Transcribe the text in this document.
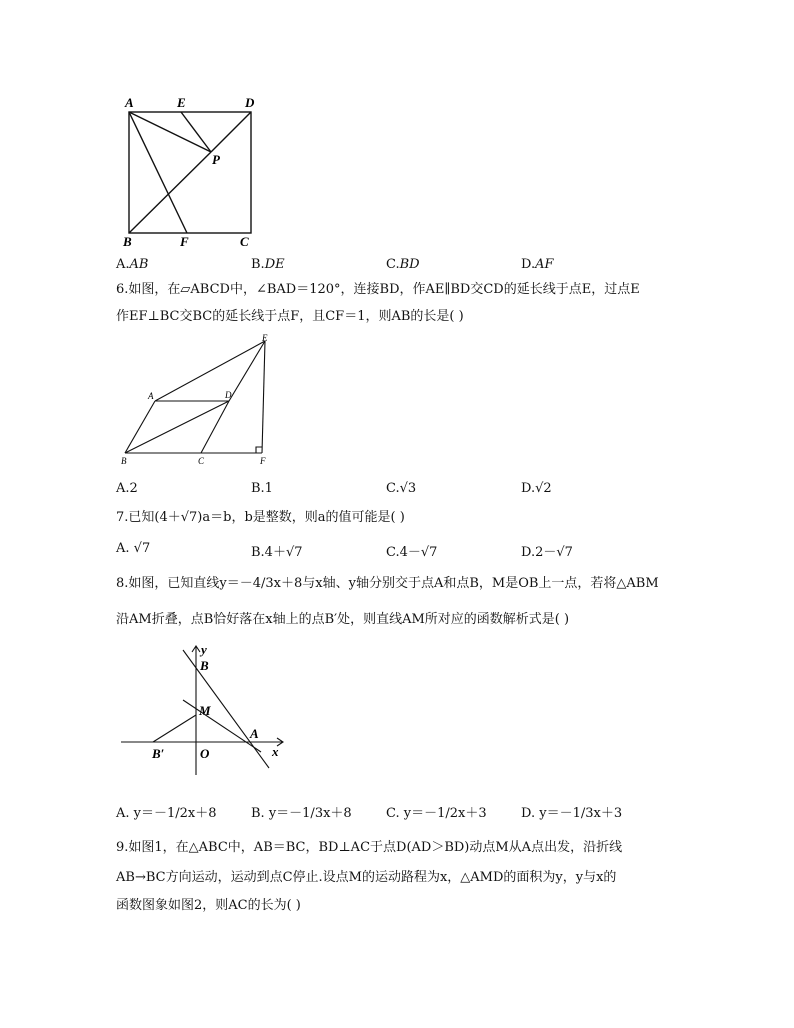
A	E	D
P
B	F	C
A.AB	B.DE	C.BD	D.AF
6.如图，在▱ABCD中，∠BAD＝120°，连接BD，作AE∥BD交CD的延长线于点E，过点E
作EF⊥BC交BC的延长线于点F，且CF＝1，则AB的长是( )
E
A	D
B	C	F
A.2	B.1	C.√3	D.√2
7.已知(4＋√7)a＝b，b是整数，则a的值可能是( )
A. √7	B.4＋√7	C.4－√7	D.2－√7
8.如图，已知直线y＝－4/3x＋8与x轴、y轴分别交于点A和点B，M是OB上一点，若将△ABM
沿AM折叠，点B恰好落在x轴上的点B′处，则直线AM所对应的函数解析式是( )
y
B
M
A
B′	O	x
A. y＝－1/2x＋8	B. y＝－1/3x＋8	C. y＝－1/2x＋3	D. y＝－1/3x＋3
9.如图1，在△ABC中，AB＝BC，BD⊥AC于点D(AD＞BD)动点M从A点出发，沿折线
AB→BC方向运动，运动到点C停止.设点M的运动路程为x，△AMD的面积为y，y与x的
函数图象如图2，则AC的长为( )
